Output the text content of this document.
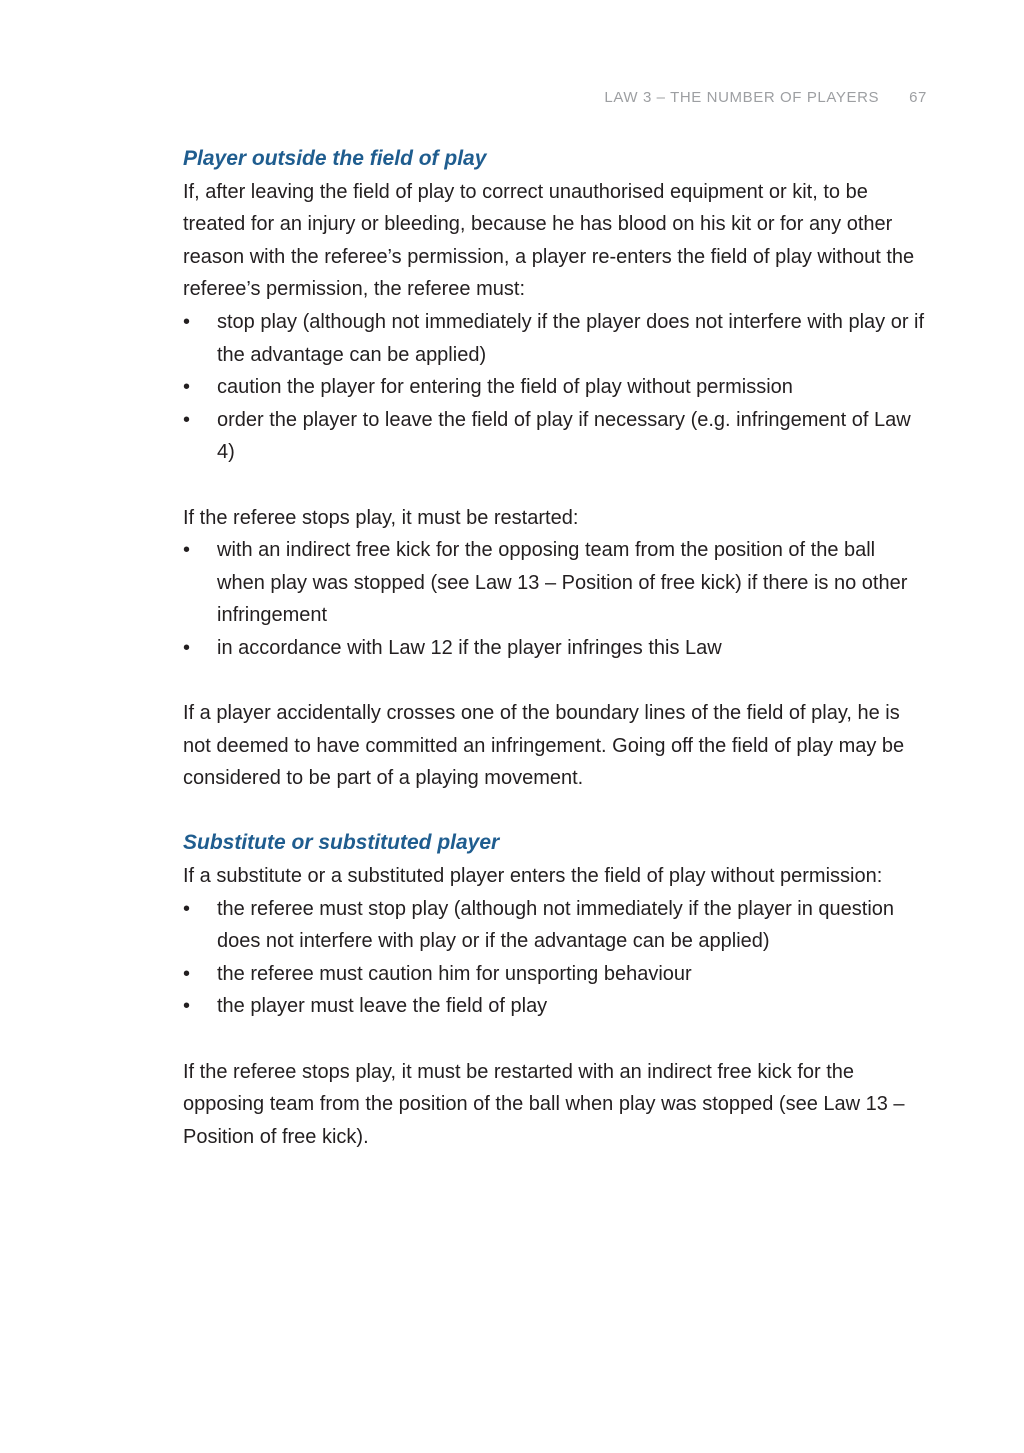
LAW 3 – THE NUMBER OF PLAYERS 67
Player outside the field of play

If, after leaving the field of play to correct unauthorised equipment or kit, to be treated for an injury or bleeding, because he has blood on his kit or for any other reason with the referee’s permission, a player re-enters the field of play without the referee’s permission, the referee must:

• stop play (although not immediately if the player does not interfere with play or if the advantage can be applied)
• caution the player for entering the field of play without permission
• order the player to leave the field of play if necessary (e.g. infringement of Law 4)

If the referee stops play, it must be restarted:

• with an indirect free kick for the opposing team from the position of the ball when play was stopped (see Law 13 – Position of free kick) if there is no other infringement
• in accordance with Law 12 if the player infringes this Law

If a player accidentally crosses one of the boundary lines of the field of play, he is not deemed to have committed an infringement. Going off the field of play may be considered to be part of a playing movement.

Substitute or substituted player

If a substitute or a substituted player enters the field of play without permission:

• the referee must stop play (although not immediately if the player in question does not interfere with play or if the advantage can be applied)
• the referee must caution him for unsporting behaviour
• the player must leave the field of play

If the referee stops play, it must be restarted with an indirect free kick for the opposing team from the position of the ball when play was stopped (see Law 13 – Position of free kick).
